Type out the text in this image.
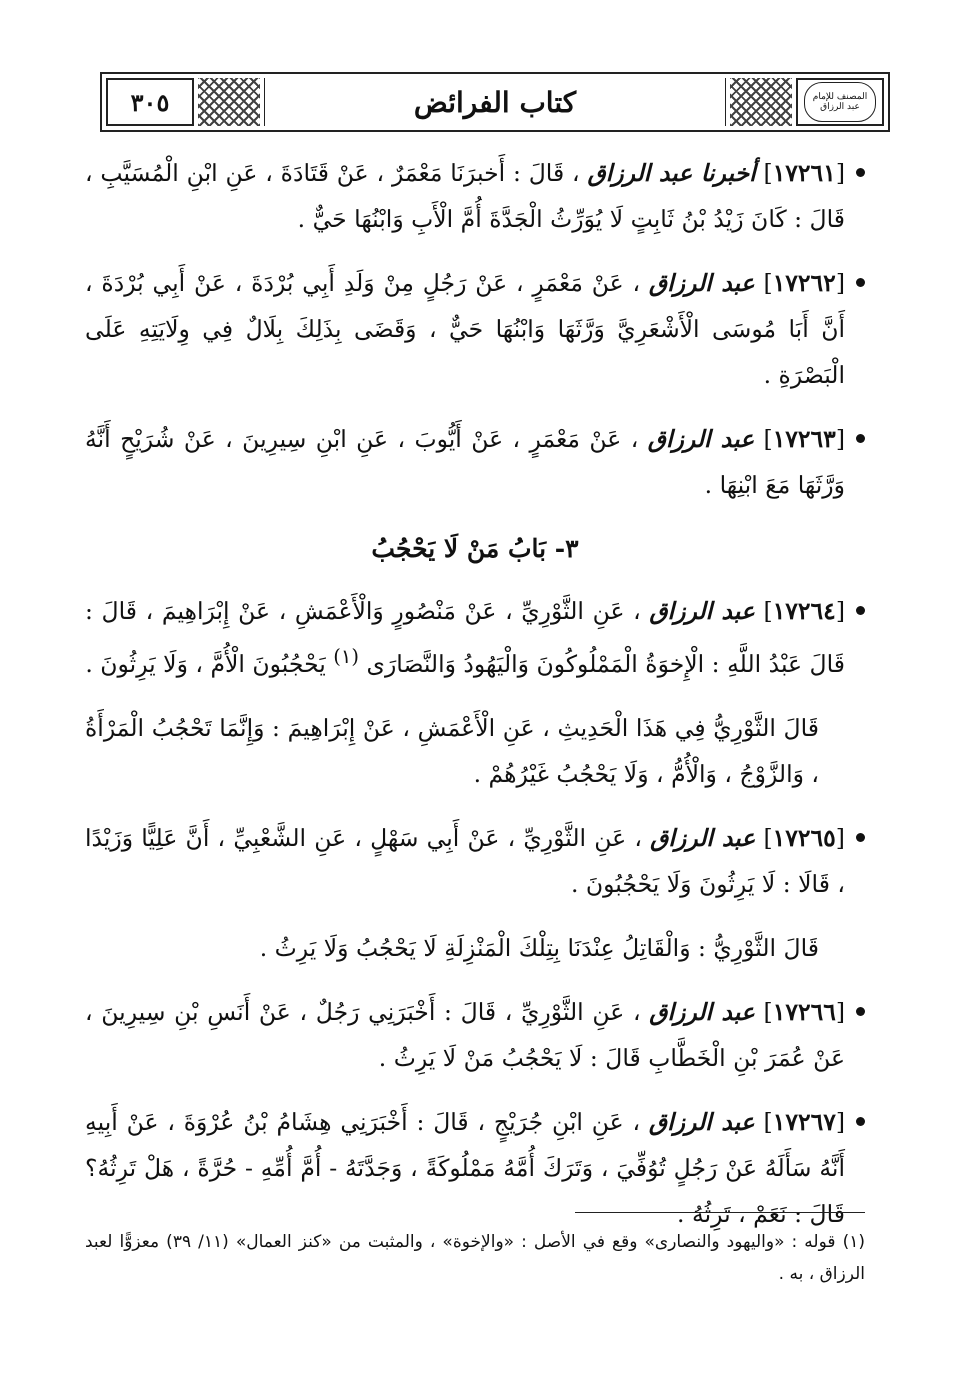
٣٠٥	كتاب الفرائض	المصنف للإمام عبد الرزاق

[١٧٢٦١] أخبرنا عبد الرزاق ، قَالَ : أَخبرَنَا مَعْمَرٌ ، عَنْ قَتَادَةَ ، عَنِ ابْنِ الْمُسَيَّبِ ، قَالَ : كَانَ زَيْدُ بْنُ ثَابِتٍ لَا يُوَرِّثُ الْجَدَّةَ أُمَّ الْأَبِ وَابْنُهَا حَيٌّ .

[١٧٢٦٢] عبد الرزاق ، عَنْ مَعْمَرٍ ، عَنْ رَجُلٍ مِنْ وَلَدِ أَبِي بُرْدَةَ ، عَنْ أَبِي بُرْدَةَ ، أَنَّ أَبَا مُوسَى الْأَشْعَرِيَّ وَرَّثَهَا وَابْنُهَا حَيٌّ ، وَقَضَى بِذَلِكَ بِلَالٌ فِي وِلَايَتِهِ عَلَى الْبَصْرَةِ .

[١٧٢٦٣] عبد الرزاق ، عَنْ مَعْمَرٍ ، عَنْ أَيُّوبَ ، عَنِ ابْنِ سِيرِينَ ، عَنْ شُرَيْحٍ أَنَّهُ وَرَّثَهَا مَعَ ابْنِهَا .

٣- بَابُ مَنْ لَا يَحْجُبُ

[١٧٢٦٤] عبد الرزاق ، عَنِ الثَّوْرِيِّ ، عَنْ مَنْصُورٍ وَالْأَعْمَشِ ، عَنْ إِبْرَاهِيمَ ، قَالَ : قَالَ عَبْدُ اللَّهِ : الْإِخوَةُ الْمَمْلُوكُونَ وَالْيَهُودُ وَالنَّصَارَى $^{(١)}$ يَحْجُبُونَ الْأُمَّ ، وَلَا يَرِثُونَ .

قَالَ الثَّوْرِيُّ فِي هَذَا الْحَدِيثِ ، عَنِ الْأَعْمَشِ ، عَنْ إِبْرَاهِيمَ : وَإِنَّمَا تَحْجُبُ الْمَرْأَةُ ، وَالزَّوْجُ ، وَالْأُمُّ ، وَلَا يَحْجُبُ غَيْرُهُمْ .

[١٧٢٦٥] عبد الرزاق ، عَنِ الثَّوْرِيِّ ، عَنْ أَبِي سَهْلٍ ، عَنِ الشَّعْبِيِّ ، أَنَّ عَلِيًّا وَزَيْدًا ، قَالَا : لَا يَرِثُونَ وَلَا يَحْجُبُونَ .

قَالَ الثَّوْرِيُّ : وَالْقَاتِلُ عِنْدَنَا بِتِلْكَ الْمَنْزِلَةِ لَا يَحْجُبُ وَلَا يَرِثُ .

[١٧٢٦٦] عبد الرزاق ، عَنِ الثَّوْرِيِّ ، قَالَ : أَخْبَرَنِي رَجُلٌ ، عَنْ أَنَسِ بْنِ سِيرِينَ ، عَنْ عُمَرَ بْنِ الْخَطَّابِ قَالَ : لَا يَحْجُبُ مَنْ لَا يَرِثُ .

[١٧٢٦٧] عبد الرزاق ، عَنِ ابْنِ جُرَيْجٍ ، قَالَ : أَخْبَرَنِي هِشَامُ بْنُ عُرْوَةَ ، عَنْ أَبِيهِ أَنَّهُ سَأَلَهُ عَنْ رَجُلٍ تُوُفِّيَ ، وَتَرَكَ أُمَّهُ مَمْلُوكَةً ، وَجَدَّتَهُ - أُمَّ أُمِّهِ - حُرَّةً ، هَلْ تَرِثُهُ؟ قَالَ : نَعَمْ ، تَرِثُهُ .

(١) قوله : «واليهود والنصارى» وقع في الأصل : «والإخوة» ، والمثبت من «كنز العمال» (١١/ ٣٩) معزوًّا لعبد الرزاق ، به .
